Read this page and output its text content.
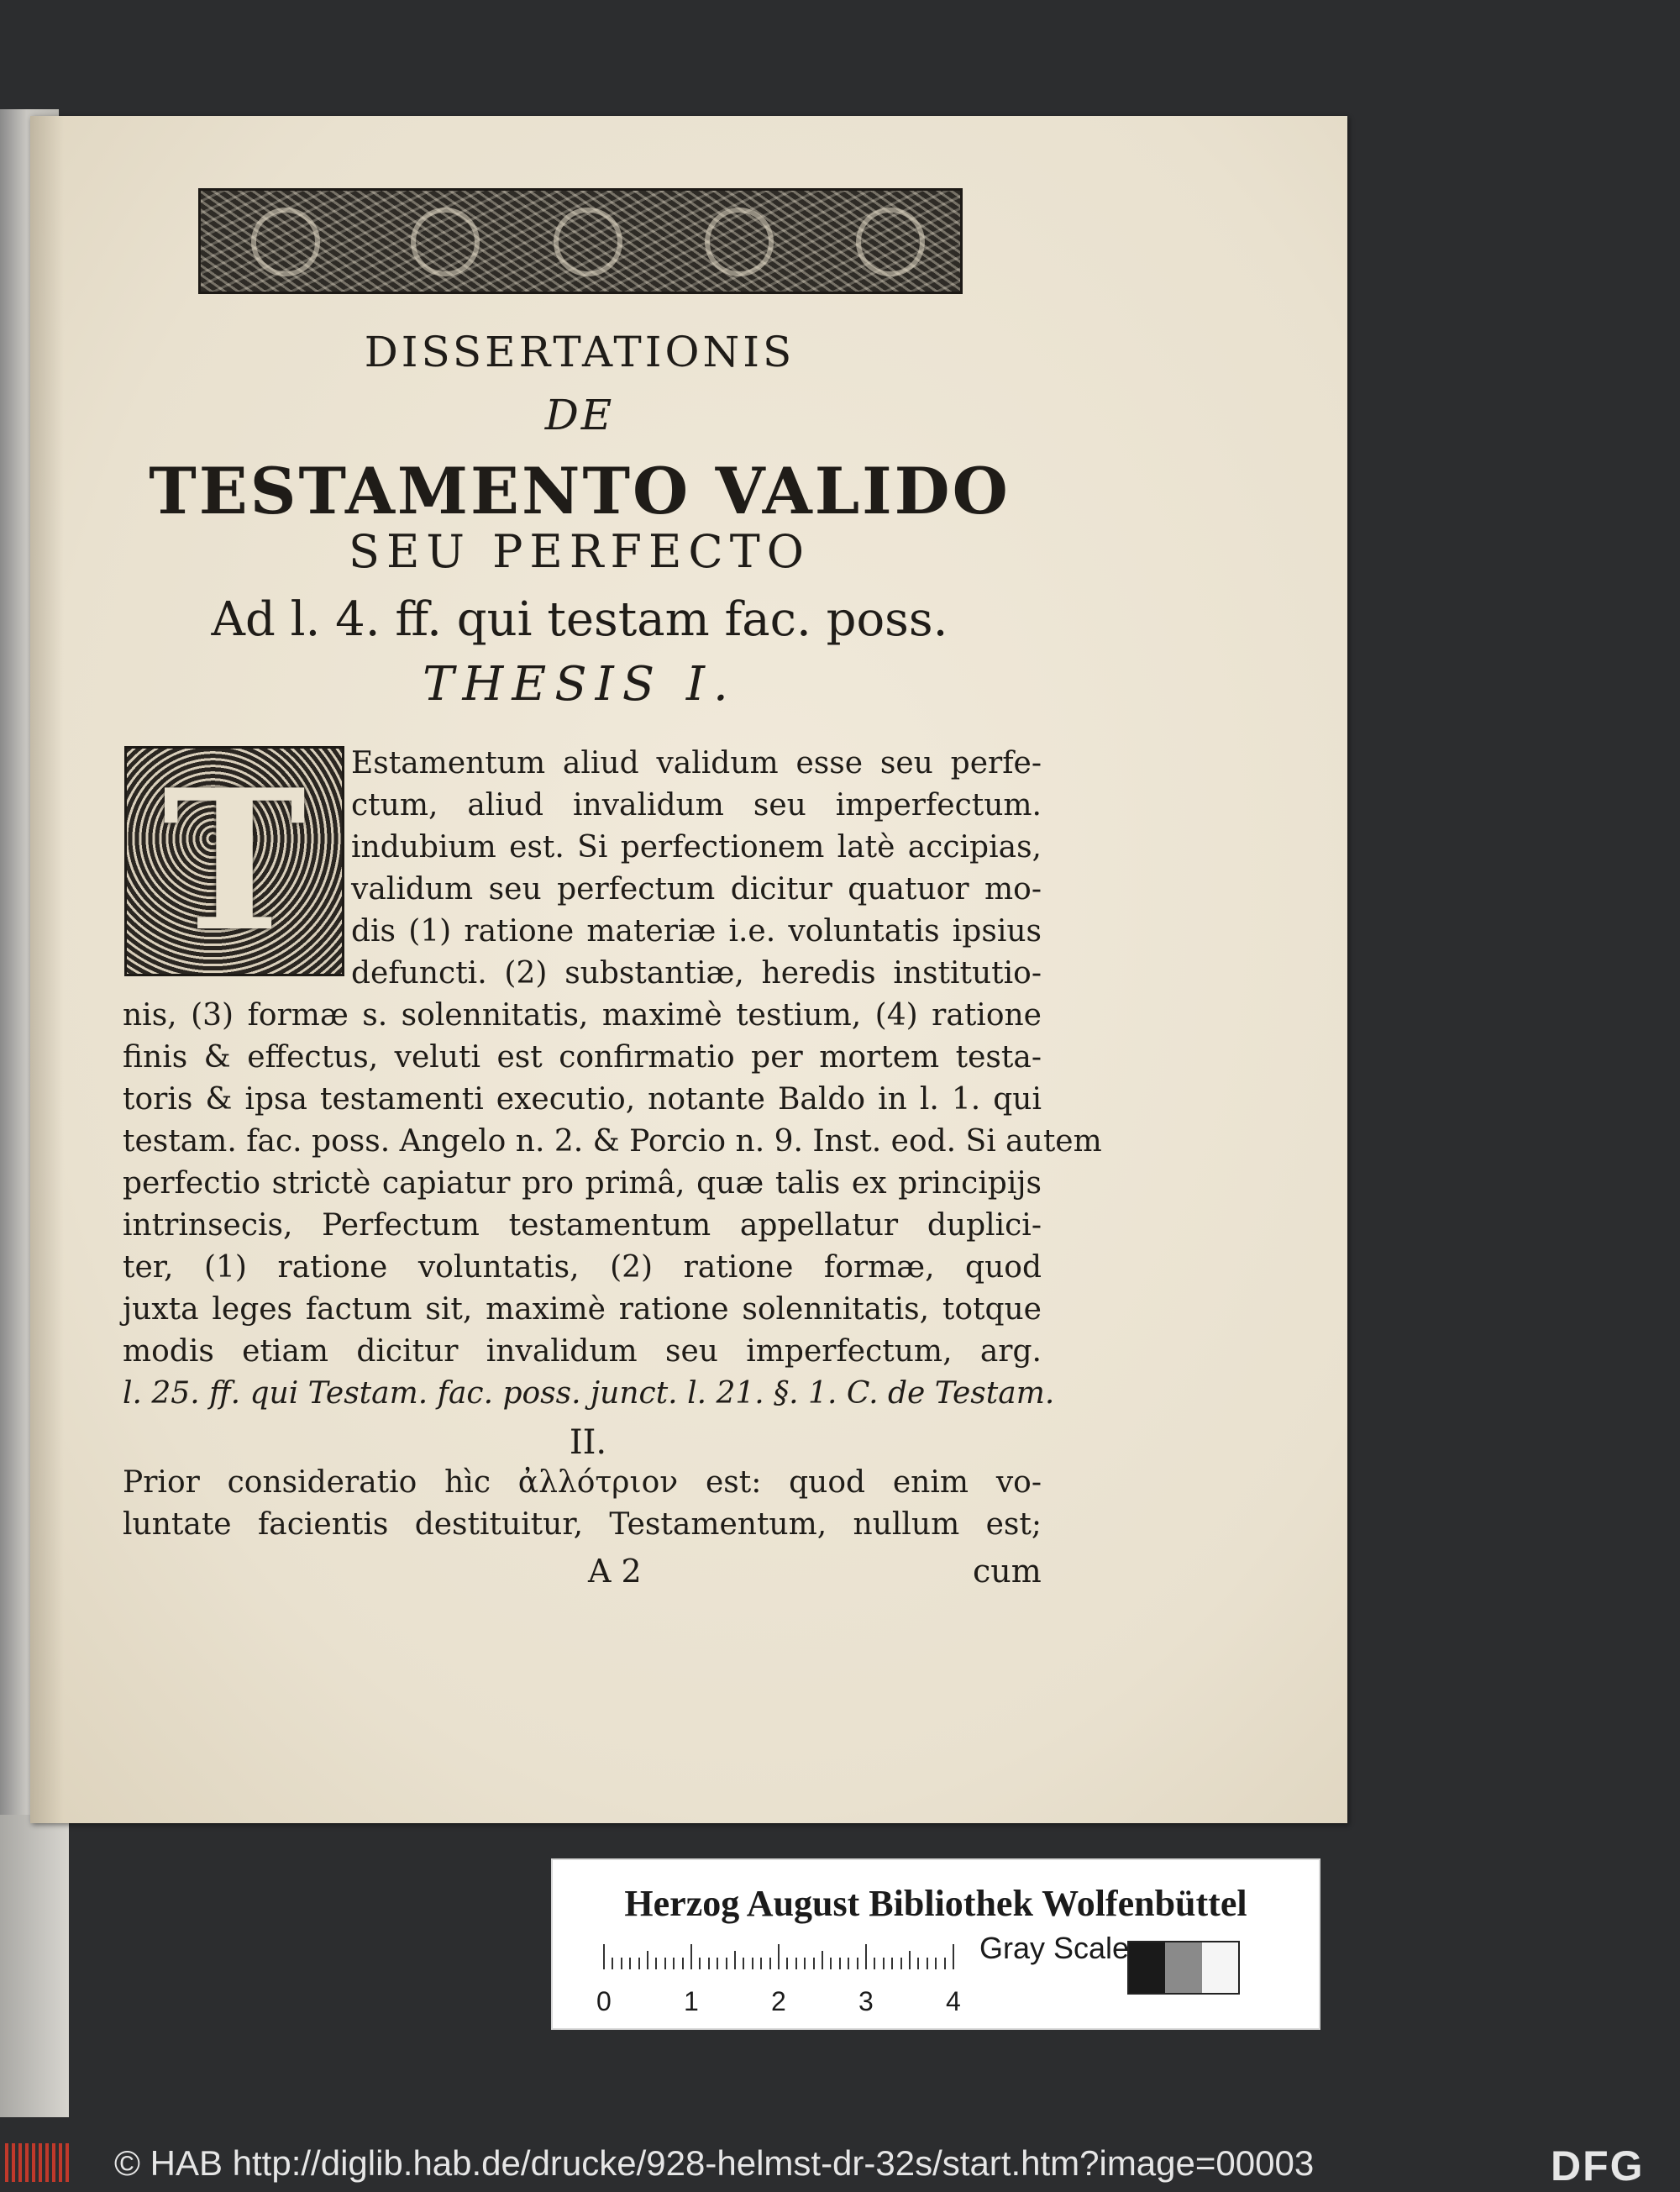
DISSERTATIONIS
DE
TESTAMENTO VALIDO
SEU PERFECTO
Ad l. 4. ff. qui testam fac. poss.
THESIS I.
T	Estamentum aliud validum esse seu perfe-
ctum, aliud invalidum seu imperfectum.
indubium est. Si perfectionem latè accipias,
validum seu perfectum dicitur quatuor mo-
dis (1) ratione materiæ i.e. voluntatis ipsius
defuncti. (2) substantiæ, heredis institutio-
nis, (3) formæ s. solennitatis, maximè testium, (4) ratione
finis & effectus, veluti est confirmatio per mortem testa-
toris & ipsa testamenti executio, notante Baldo in l. 1. qui
testam. fac. poss. Angelo n. 2. & Porcio n. 9. Inst. eod. Si autem
perfectio strictè capiatur pro primâ, quæ talis ex principijs
intrinsecis, Perfectum testamentum appellatur duplici-
ter, (1) ratione voluntatis, (2) ratione formæ, quod
juxta leges factum sit, maximè ratione solennitatis, totque
modis etiam dicitur invalidum seu imperfectum, arg.
l. 25. ff. qui Testam. fac. poss. junct. l. 21. §. 1. C. de Testam.
II.
Prior consideratio hìc ἀλλότριον est: quod enim vo-
luntate facientis destituitur, Testamentum, nullum est;
A 2	cum
Herzog August Bibliothek Wolfenbüttel
0	1	2	3	4
Gray Scale
© HAB http://diglib.hab.de/drucke/928-helmst-dr-32s/start.htm?image=00003	DFG
